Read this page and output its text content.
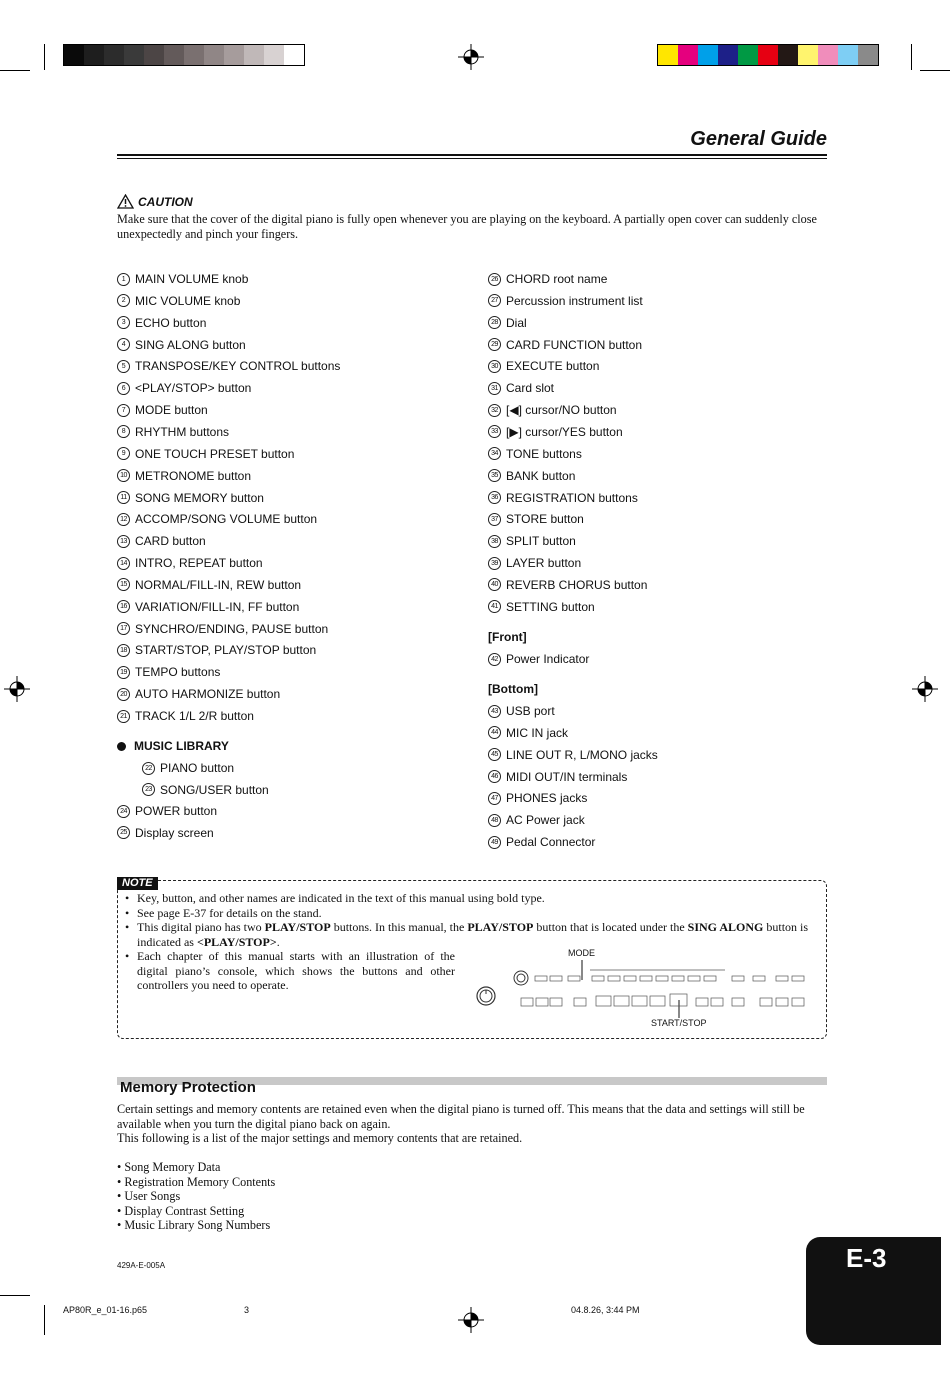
General Guide
CAUTION
Make sure that the cover of the digital piano is fully open whenever you are playing on the keyboard. A partially open cover can suddenly close unexpectedly and pinch your fingers.
1 MAIN VOLUME knob
2 MIC VOLUME knob
3 ECHO button
4 SING ALONG button
5 TRANSPOSE/KEY CONTROL buttons
6 <PLAY/STOP> button
7 MODE button
8 RHYTHM buttons
9 ONE TOUCH PRESET button
10 METRONOME button
11 SONG MEMORY button
12 ACCOMP/SONG VOLUME button
13 CARD button
14 INTRO, REPEAT button
15 NORMAL/FILL-IN, REW button
16 VARIATION/FILL-IN, FF button
17 SYNCHRO/ENDING, PAUSE button
18 START/STOP, PLAY/STOP button
19 TEMPO buttons
20 AUTO HARMONIZE button
21 TRACK 1/L 2/R button
MUSIC LIBRARY
22 PIANO button
23 SONG/USER button
24 POWER button
25 Display screen
26 CHORD root name
27 Percussion instrument list
28 Dial
29 CARD FUNCTION button
30 EXECUTE button
31 Card slot
32 [◀] cursor/NO button
33 [▶] cursor/YES button
34 TONE buttons
35 BANK button
36 REGISTRATION buttons
37 STORE button
38 SPLIT button
39 LAYER button
40 REVERB CHORUS button
41 SETTING button
[Front]
42 Power Indicator
[Bottom]
43 USB port
44 MIC IN jack
45 LINE OUT R, L/MONO jacks
46 MIDI OUT/IN terminals
47 PHONES jacks
48 AC Power jack
49 Pedal Connector
NOTE
• Key, button, and other names are indicated in the text of this manual using bold type.
• See page E-37 for details on the stand.
• This digital piano has two PLAY/STOP buttons. In this manual, the PLAY/STOP button that is located under the SING ALONG button is indicated as <PLAY/STOP>.
• Each chapter of this manual starts with an illustration of the digital piano’s console, which shows the buttons and other controllers you need to operate.
MODE
START/STOP
Memory Protection
Certain settings and memory contents are retained even when the digital piano is turned off. This means that the data and settings will still be available when you turn the digital piano back on again.
This following is a list of the major settings and memory contents that are retained.
• Song Memory Data
• Registration Memory Contents
• User Songs
• Display Contrast Setting
• Music Library Song Numbers
429A-E-005A	E-3
AP80R_e_01-16.p65	3	04.8.26, 3:44 PM
